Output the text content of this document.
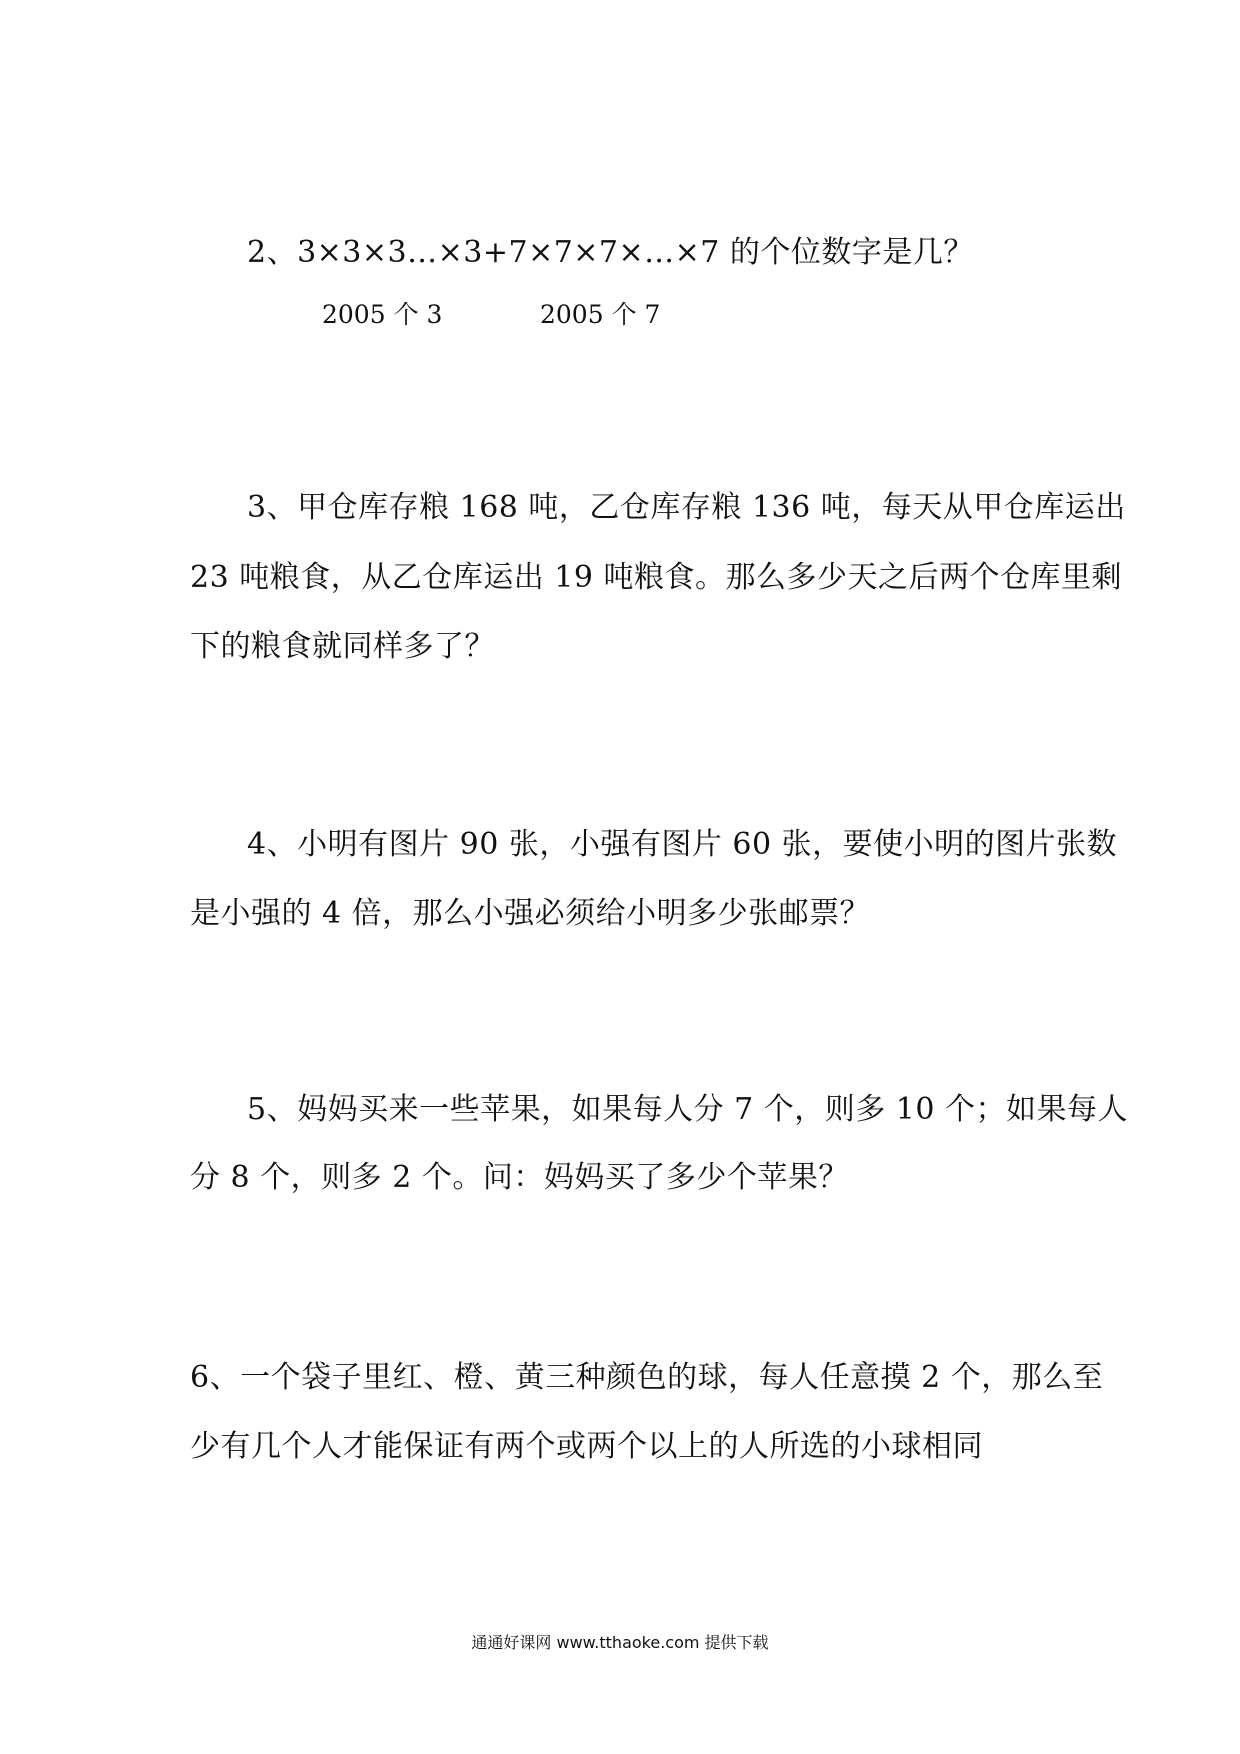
2、3×3×3…×3+7×7×7×…×7 的个位数字是几？
2005 个 3	2005 个 7
3、甲仓库存粮 168 吨，乙仓库存粮 136 吨，每天从甲仓库运出
23 吨粮食，从乙仓库运出 19 吨粮食。那么多少天之后两个仓库里剩
下的粮食就同样多了？
4、小明有图片 90 张，小强有图片 60 张，要使小明的图片张数
是小强的 4 倍，那么小强必须给小明多少张邮票？
5、妈妈买来一些苹果，如果每人分 7 个，则多 10 个；如果每人
分 8 个，则多 2 个。问：妈妈买了多少个苹果？
6、一个袋子里红、橙、黄三种颜色的球，每人任意摸 2 个，那么至
少有几个人才能保证有两个或两个以上的人所选的小球相同
通通好课网 www.tthaoke.com 提供下载
